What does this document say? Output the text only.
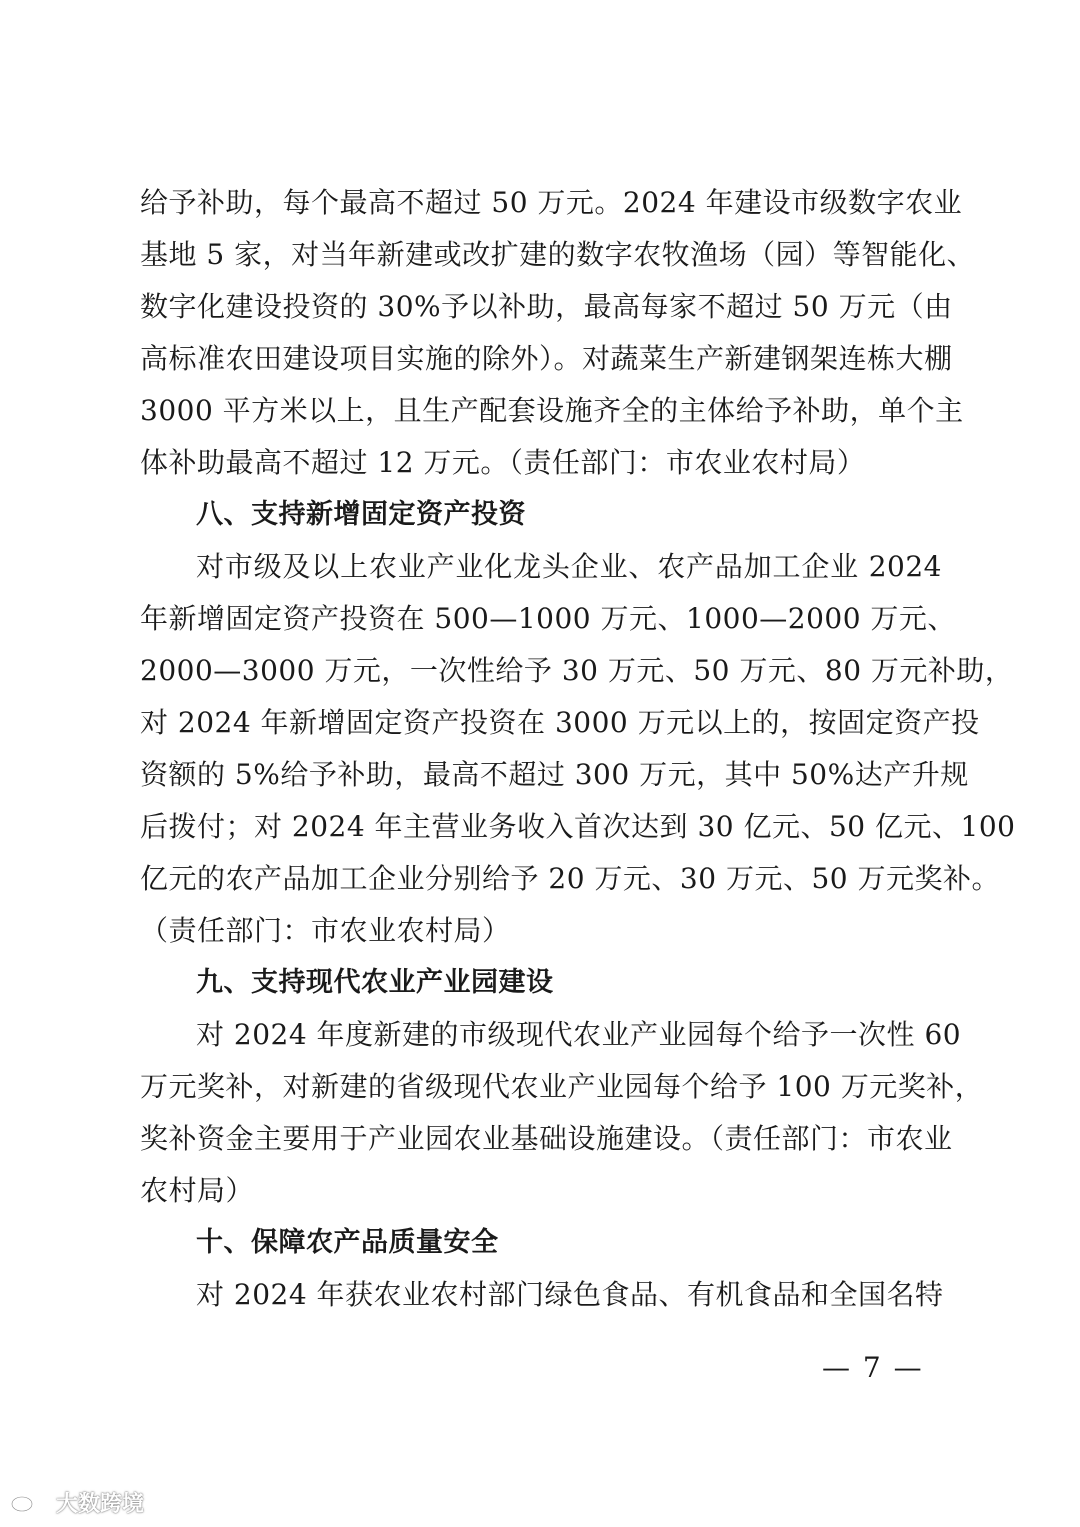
给予补助，每个最高不超过 50 万元。2024 年建设市级数字农业
基地 5 家，对当年新建或改扩建的数字农牧渔场（园）等智能化、
数字化建设投资的 30%予以补助，最高每家不超过 50 万元（由
高标准农田建设项目实施的除外）。对蔬菜生产新建钢架连栋大棚
3000 平方米以上，且生产配套设施齐全的主体给予补助，单个主
体补助最高不超过 12 万元。（责任部门：市农业农村局）
八、支持新增固定资产投资
对市级及以上农业产业化龙头企业、农产品加工企业 2024
年新增固定资产投资在 500—1000 万元、1000—2000 万元、
2000—3000 万元，一次性给予 30 万元、50 万元、80 万元补助，
对 2024 年新增固定资产投资在 3000 万元以上的，按固定资产投
资额的 5%给予补助，最高不超过 300 万元，其中 50%达产升规
后拨付；对 2024 年主营业务收入首次达到 30 亿元、50 亿元、100
亿元的农产品加工企业分别给予 20 万元、30 万元、50 万元奖补。
（责任部门：市农业农村局）
九、支持现代农业产业园建设
对 2024 年度新建的市级现代农业产业园每个给予一次性 60
万元奖补，对新建的省级现代农业产业园每个给予 100 万元奖补，
奖补资金主要用于产业园农业基础设施建设。（责任部门：市农业
农村局）
十、保障农产品质量安全
对 2024 年获农业农村部门绿色食品、有机食品和全国名特
— 7 —
大数跨境
